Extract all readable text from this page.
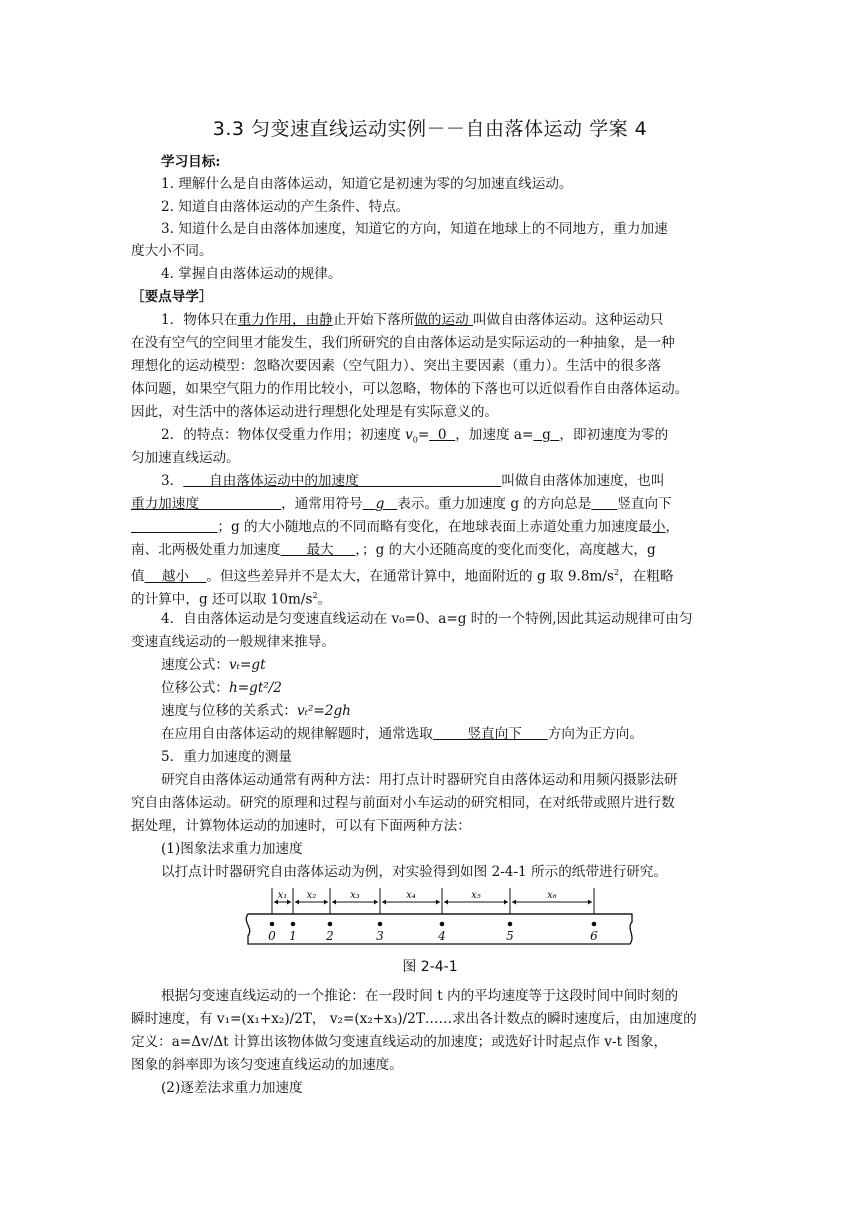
3.3 匀变速直线运动实例－－自由落体运动 学案 4
学习目标:
1. 理解什么是自由落体运动，知道它是初速为零的匀加速直线运动。
2. 知道自由落体运动的产生条件、特点。
3. 知道什么是自由落体加速度，知道它的方向，知道在地球上的不同地方，重力加速
度大小不同。
4. 掌握自由落体运动的规律。
［要点导学］
1．物体只在重力作用，由静止开始下落所做的运动 叫做自由落体运动。这种运动只
在没有空气的空间里才能发生，我们所研究的自由落体运动是实际运动的一种抽象，是一种
理想化的运动模型：忽略次要因素（空气阻力）、突出主要因素（重力）。生活中的很多落
体问题，如果空气阻力的作用比较小，可以忽略，物体的下落也可以近似看作自由落体运动。
因此，对生活中的落体运动进行理想化处理是有实际意义的。
2．的特点：物体仅受重力作用；初速度 $v_0= 0$ ，加速度 a= g ，即初速度为零的
匀加速直线运动。
3．      自由落体运动中的加速度	叫做自由落体加速度，也叫
重力加速度	，通常用符号 g 表示。重力加速度 g 的方向总是 竖直向下
；g 的大小随地点的不同而略有变化，在地球表面上赤道处重力加速度最小，
南、北两极处重力加速度 最大 ，；g 的大小还随高度的变化而变化，高度越大，g
值 越小 。但这些差异并不是太大，在通常计算中，地面附近的 g 取 $9.8m/s^2$，在粗略
的计算中，g 还可以取 $10m/s^2$。
4．自由落体运动是匀变速直线运动在 v₀=0、a=g 时的一个特例,因此其运动规律可由匀
变速直线运动的一般规律来推导。
速度公式：vₜ=gt
位移公式：h=gt²/2
速度与位移的关系式：vₜ²=2gh
在应用自由落体运动的规律解题时，通常选取	竖直向下 方向为正方向。
5．重力加速度的测量
研究自由落体运动通常有两种方法：用打点计时器研究自由落体运动和用频闪摄影法研
究自由落体运动。研究的原理和过程与前面对小车运动的研究相同，在对纸带或照片进行数
据处理，计算物体运动的加速时，可以有下面两种方法：
(1)图象法求重力加速度
以打点计时器研究自由落体运动为例，对实验得到如图 2-4-1 所示的纸带进行研究。
0 1 2	3	4	5	6
x₁ x₂	x₃	x₄	x₅	x₆
图 2-4-1
根据匀变速直线运动的一个推论：在一段时间 t 内的平均速度等于这段时间中间时刻的
瞬时速度，有 v₁=(x₁+x₂)/2T， v₂=(x₂+x₃)/2T……求出各计数点的瞬时速度后，由加速度的
定义：a=Δv/Δt 计算出该物体做匀变速直线运动的加速度；或选好计时起点作 v-t 图象，
图象的斜率即为该匀变速直线运动的加速度。
(2)逐差法求重力加速度
